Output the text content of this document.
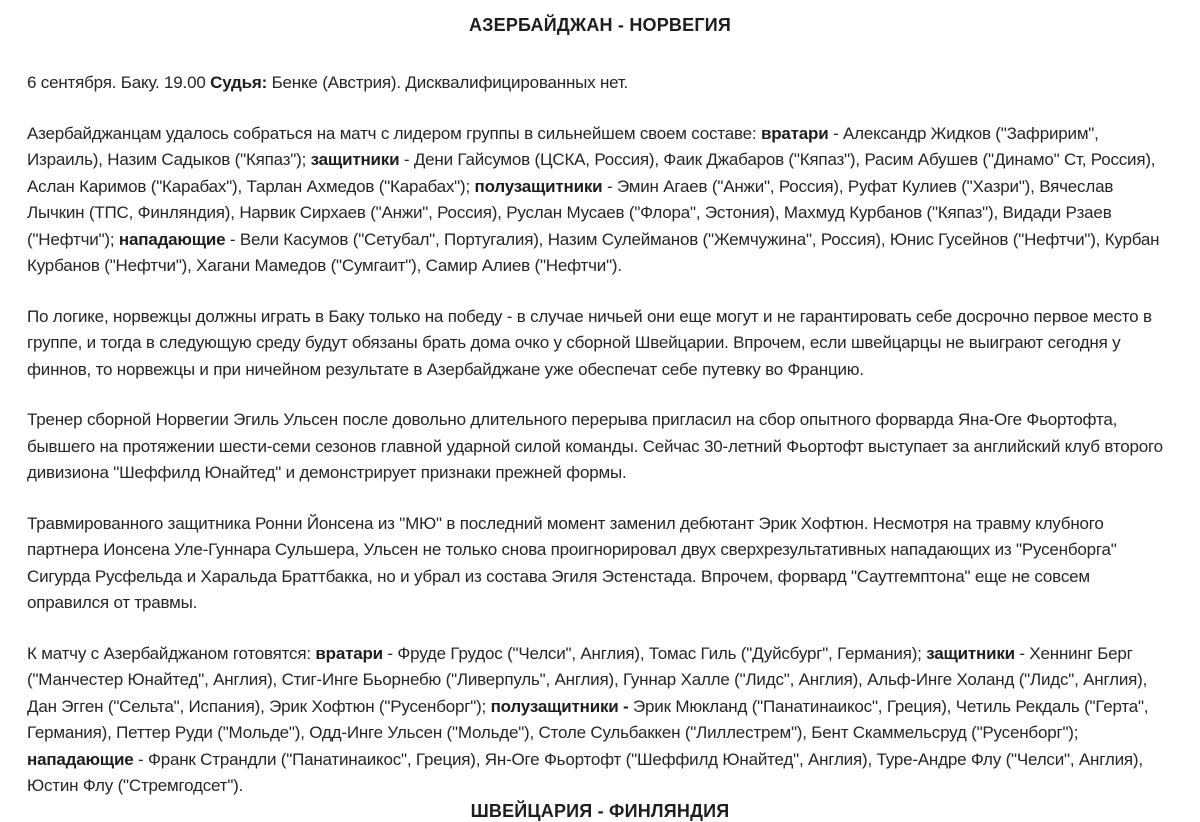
АЗЕРБАЙДЖАН - НОРВЕГИЯ

6 сентября. Баку. 19.00 Судья: Бенке (Австрия). Дисквалифицированных нет.

Азербайджанцам удалось собраться на матч с лидером группы в сильнейшем своем составе: вратари - Александр Жидков ("Зафририм", Израиль), Назим Садыков ("Кяпаз"); защитники - Дени Гайсумов (ЦСКА, Россия), Фаик Джабаров ("Кяпаз"), Расим Абушев ("Динамо" Ст, Россия), Аслан Каримов ("Карабах"), Тарлан Ахмедов ("Карабах"); полузащитники - Эмин Агаев ("Анжи", Россия), Руфат Кулиев ("Хазри"), Вячеслав Лычкин (ТПС, Финляндия), Нарвик Сирхаев ("Анжи", Россия), Руслан Мусаев ("Флора", Эстония), Махмуд Курбанов ("Кяпаз"), Видади Рзаев ("Нефтчи"); нападающие - Вели Касумов ("Сетубал", Португалия), Назим Сулейманов ("Жемчужина", Россия), Юнис Гусейнов ("Нефтчи"), Курбан Курбанов ("Нефтчи"), Хагани Мамедов ("Сумгаит"), Самир Алиев ("Нефтчи").

По логике, норвежцы должны играть в Баку только на победу - в случае ничьей они еще могут и не гарантировать себе досрочно первое место в группе, и тогда в следующую среду будут обязаны брать дома очко у сборной Швейцарии. Впрочем, если швейцарцы не выиграют сегодня у финнов, то норвежцы и при ничейном результате в Азербайджане уже обеспечат себе путевку во Францию.

Тренер сборной Норвегии Эгиль Ульсен после довольно длительного перерыва пригласил на сбор опытного форварда Яна-Оге Фьортофта, бывшего на протяжении шести-семи сезонов главной ударной силой команды. Сейчас 30-летний Фьортофт выступает за английский клуб второго дивизиона "Шеффилд Юнайтед" и демонстрирует признаки прежней формы.

Травмированного защитника Ронни Йонсена из "МЮ" в последний момент заменил дебютант Эрик Хофтюн. Несмотря на травму клубного партнера Ионсена Уле-Гуннара Сульшера, Ульсен не только снова проигнорировал двух сверхрезультативных нападающих из "Русенборга" Сигурда Русфельда и Харальда Браттбакка, но и убрал из состава Эгиля Эстенстада. Впрочем, форвард "Саутгемптона" еще не совсем оправился от травмы.

К матчу с Азербайджаном готовятся: вратари - Фруде Грудос ("Челси", Англия), Томас Гиль ("Дуйсбург", Германия); защитники - Хеннинг Берг ("Манчестер Юнайтед", Англия), Стиг-Инге Бьорнебю ("Ливерпуль", Англия), Гуннар Халле ("Лидс", Англия), Альф-Инге Холанд ("Лидс", Англия), Дан Эгген ("Сельта", Испания), Эрик Хофтюн ("Русенборг"); полузащитники - Эрик Мюкланд ("Панатинаикос", Греция), Четиль Рекдаль ("Герта", Германия), Петтер Руди ("Мольде"), Одд-Инге Ульсен ("Мольде"), Столе Сульбаккен ("Лиллестрем"), Бент Скаммельсруд ("Русенборг"); нападающие - Франк Страндли ("Панатинаикос", Греция), Ян-Оге Фьортофт ("Шеффилд Юнайтед", Англия), Туре-Андре Флу ("Челси", Англия), Юстин Флу ("Стремгодсет").

ШВЕЙЦАРИЯ - ФИНЛЯНДИЯ
